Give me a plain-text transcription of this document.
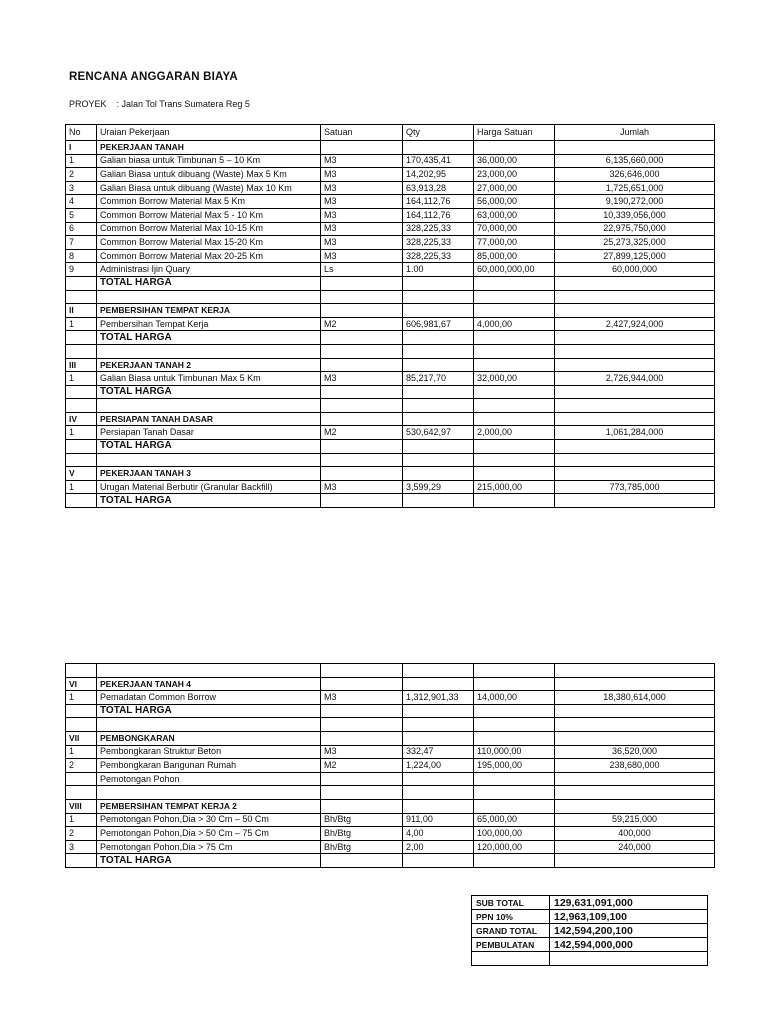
RENCANA ANGGARAN BIAYA
PROYEK : Jalan Tol Trans Sumatera Reg 5
No	Uraian Pekerjaan	Satuan	Qty	Harga Satuan	Jumlah
I	PEKERJAAN TANAH				
1	Galian biasa untuk Timbunan 5 – 10 Km	M3	170,435,41	36,000,00	6,135,660,000
2	Galian Biasa untuk dibuang (Waste) Max 5 Km	M3	14,202,95	23,000,00	326,646,000
3	Galian Biasa untuk dibuang (Waste) Max 10 Km	M3	63,913,28	27,000,00	1,725,651,000
4	Common Borrow Material Max 5 Km	M3	164,112,76	56,000,00	9,190,272,000
5	Common Borrow Material Max 5 - 10 Km	M3	164,112,76	63,000,00	10,339,056,000
6	Common Borrow Material Max 10-15 Km	M3	328,225,33	70,000,00	22,975,750,000
7	Common Borrow Material Max 15-20 Km	M3	328,225,33	77,000,00	25,273,325,000
8	Common Borrow Material Max 20-25 Km	M3	328,225,33	85,000,00	27,899,125,000
9	Administrasi Ijin Quary	Ls	1.00	60,000,000,00	60,000,000
	TOTAL HARGA				

II	PEMBERSIHAN TEMPAT KERJA				
1	Pembersihan Tempat Kerja	M2	606,981,67	4,000,00	2,427,924,000
	TOTAL HARGA				

III	PEKERJAAN TANAH 2				
1	Galian Biasa untuk Timbunan Max 5 Km	M3	85,217,70	32,000,00	2,726,944,000
	TOTAL HARGA				

IV	PERSIAPAN TANAH DASAR				
1	Persiapan Tanah Dasar	M2	530,642,97	2,000,00	1,061,284,000
	TOTAL HARGA				

V	PEKERJAAN TANAH 3				
1	Urugan Material Berbutir (Granular Backfill)	M3	3,599,29	215,000,00	773,785,000
	TOTAL HARGA				

VI	PEKERJAAN TANAH 4				
1	Pemadatan Common Borrow	M3	1,312,901,33	14,000,00	18,380,614,000
	TOTAL HARGA				

VII	PEMBONGKARAN				
1	Pembongkaran Struktur Beton	M3	332,47	110,000,00	36,520,000
2	Pembongkaran Bangunan Rumah	M2	1,224,00	195,000,00	238,680,000
	Pemotongan Pohon				

VIII	PEMBERSIHAN TEMPAT KERJA 2				
1	Pemotongan Pohon,Dia > 30 Cm – 50 Cm	Bh/Btg	911,00	65,000,00	59,215,000
2	Pemotongan Pohon,Dia > 50 Cm – 75 Cm	Bh/Btg	4,00	100,000,00	400,000
3	Pemotongan Pohon,Dia > 75 Cm	Bh/Btg	2,00	120,000,00	240,000
	TOTAL HARGA				
SUB TOTAL	129,631,091,000
PPN 10%	12,963,109,100
GRAND TOTAL	142,594,200,100
PEMBULATAN	142,594,000,000
